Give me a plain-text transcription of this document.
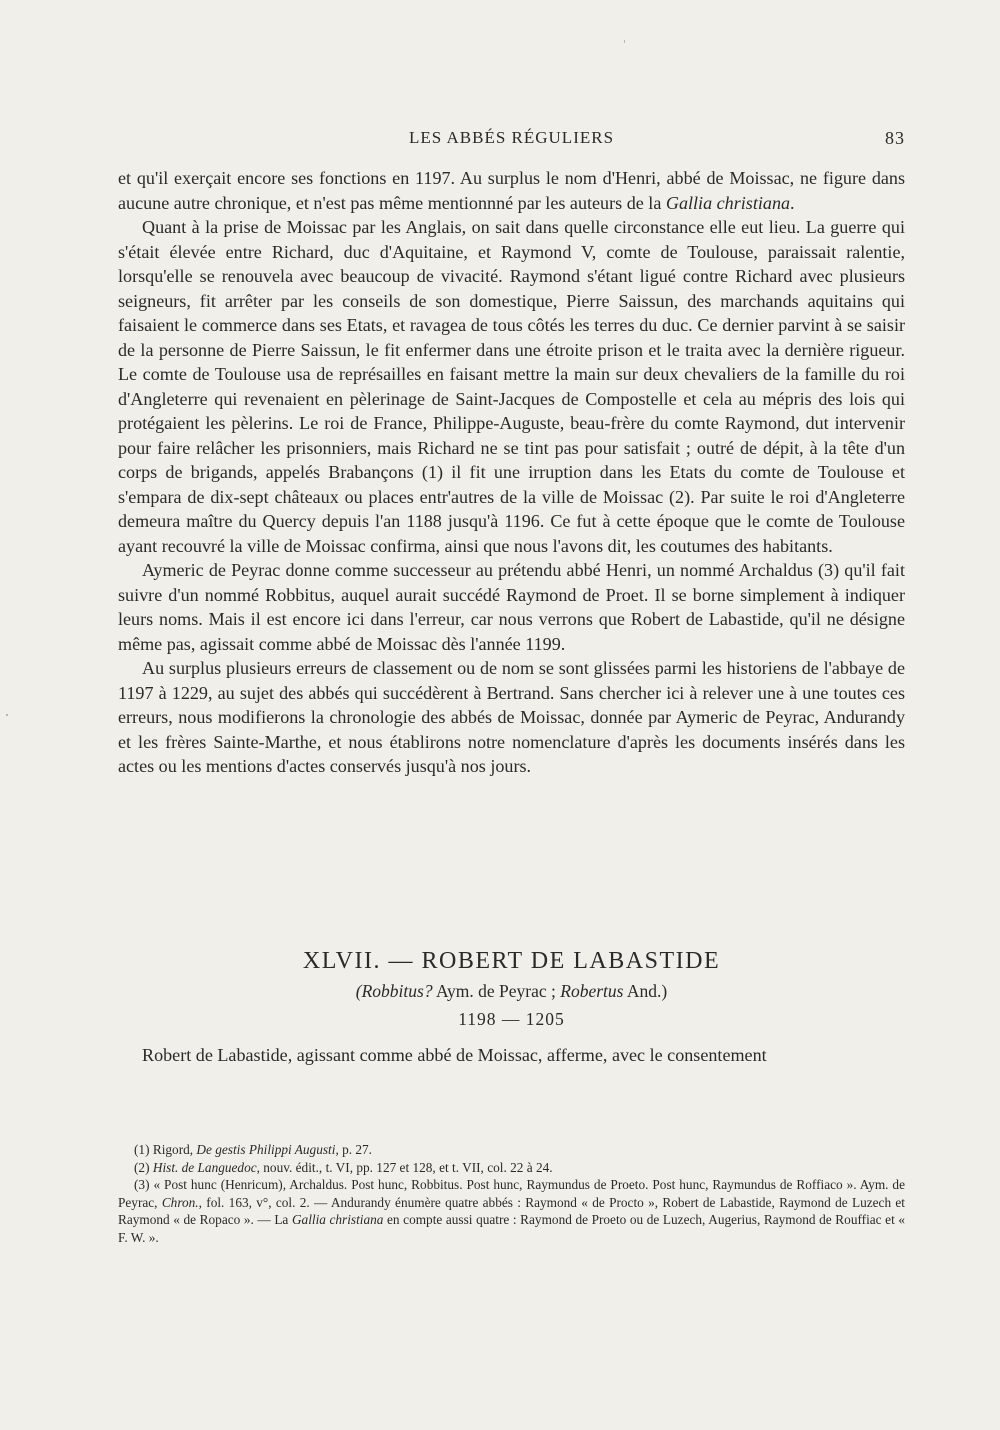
LES ABBÉS RÉGULIERS	83

et qu'il exerçait encore ses fonctions en 1197. Au surplus le nom d'Henri, abbé de Moissac, ne figure dans aucune autre chronique, et n'est pas même mentionnné par les auteurs de la Gallia christiana.

Quant à la prise de Moissac par les Anglais, on sait dans quelle circonstance elle eut lieu. La guerre qui s'était élevée entre Richard, duc d'Aquitaine, et Raymond V, comte de Toulouse, paraissait ralentie, lorsqu'elle se renouvela avec beaucoup de vivacité. Raymond s'étant ligué contre Richard avec plusieurs seigneurs, fit arrêter par les conseils de son domestique, Pierre Saissun, des marchands aquitains qui faisaient le commerce dans ses Etats, et ravagea de tous côtés les terres du duc. Ce dernier parvint à se saisir de la personne de Pierre Saissun, le fit enfermer dans une étroite prison et le traita avec la dernière rigueur. Le comte de Toulouse usa de représailles en faisant mettre la main sur deux chevaliers de la famille du roi d'Angleterre qui revenaient en pèlerinage de Saint-Jacques de Compostelle et cela au mépris des lois qui protégaient les pèlerins. Le roi de France, Philippe-Auguste, beau-frère du comte Raymond, dut intervenir pour faire relâcher les prisonniers, mais Richard ne se tint pas pour satisfait ; outré de dépit, à la tête d'un corps de brigands, appelés Brabançons (1) il fit une irruption dans les Etats du comte de Toulouse et s'empara de dix-sept châteaux ou places entr'autres de la ville de Moissac (2). Par suite le roi d'Angleterre demeura maître du Quercy depuis l'an 1188 jusqu'à 1196. Ce fut à cette époque que le comte de Toulouse ayant recouvré la ville de Moissac confirma, ainsi que nous l'avons dit, les coutumes des habitants.

Aymeric de Peyrac donne comme successeur au prétendu abbé Henri, un nommé Archaldus (3) qu'il fait suivre d'un nommé Robbitus, auquel aurait succédé Raymond de Proet. Il se borne simplement à indiquer leurs noms. Mais il est encore ici dans l'erreur, car nous verrons que Robert de Labastide, qu'il ne désigne même pas, agissait comme abbé de Moissac dès l'année 1199.

Au surplus plusieurs erreurs de classement ou de nom se sont glissées parmi les historiens de l'abbaye de 1197 à 1229, au sujet des abbés qui succédèrent à Bertrand. Sans chercher ici à relever une à une toutes ces erreurs, nous modifierons la chronologie des abbés de Moissac, donnée par Aymeric de Peyrac, Andurandy et les frères Sainte-Marthe, et nous établirons notre nomenclature d'après les documents insérés dans les actes ou les mentions d'actes conservés jusqu'à nos jours.

XLVII. — ROBERT DE LABASTIDE
(Robbitus? Aym. de Peyrac ; Robertus And.)
1198 — 1205
Robert de Labastide, agissant comme abbé de Moissac, afferme, avec le consentement

(1) Rigord, De gestis Philippi Augusti, p. 27.

(2) Hist. de Languedoc, nouv. édit., t. VI, pp. 127 et 128, et t. VII, col. 22 à 24.

(3) « Post hunc (Henricum), Archaldus. Post hunc, Robbitus. Post hunc, Raymundus de Proeto. Post hunc, Raymundus de Roffiaco ». Aym. de Peyrac, Chron., fol. 163, v°, col. 2. — Andurandy énumère quatre abbés : Raymond « de Procto », Robert de Labastide, Raymond de Luzech et Raymond « de Ropaco ». — La Gallia christiana en compte aussi quatre : Raymond de Proeto ou de Luzech, Augerius, Raymond de Rouffiac et « F. W. ».
